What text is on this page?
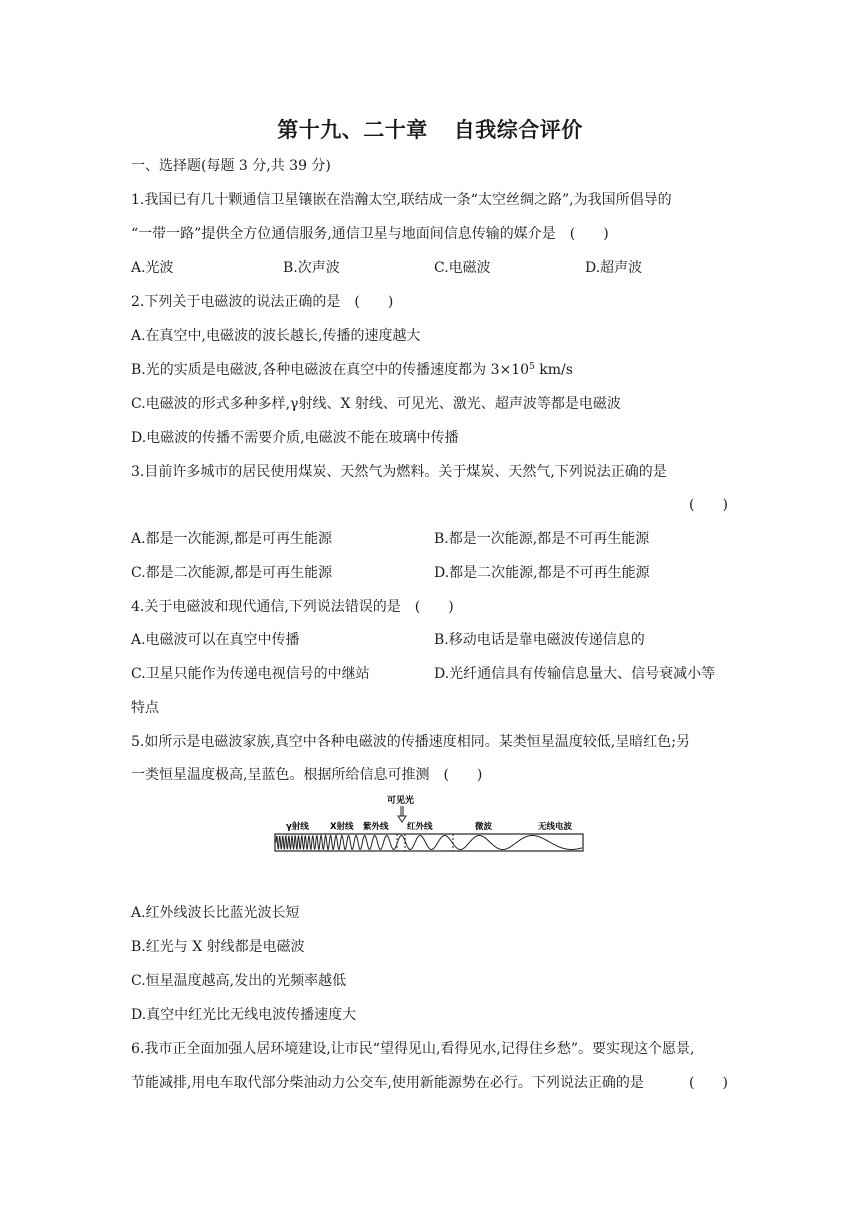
第十九、二十章 自我综合评价
一、选择题(每题 3 分,共 39 分)
1.我国已有几十颗通信卫星镶嵌在浩瀚太空,联结成一条“太空丝绸之路”,为我国所倡导的
“一带一路”提供全方位通信服务,通信卫星与地面间信息传输的媒介是　(　　)
A.光波	B.次声波	C.电磁波	D.超声波
2.下列关于电磁波的说法正确的是　(　　)
A.在真空中,电磁波的波长越长,传播的速度越大
B.光的实质是电磁波,各种电磁波在真空中的传播速度都为 $3\times 10^5$ km/s
C.电磁波的形式多种多样,γ射线、X 射线、可见光、激光、超声波等都是电磁波
D.电磁波的传播不需要介质,电磁波不能在玻璃中传播
3.目前许多城市的居民使用煤炭、天然气为燃料。关于煤炭、天然气,下列说法正确的是
(　　)
A.都是一次能源,都是可再生能源	B.都是一次能源,都是不可再生能源
C.都是二次能源,都是可再生能源	D.都是二次能源,都是不可再生能源
4.关于电磁波和现代通信,下列说法错误的是　(　　)
A.电磁波可以在真空中传播	B.移动电话是靠电磁波传递信息的
C.卫星只能作为传递电视信号的中继站	D.光纤通信具有传输信息量大、信号衰减小等
特点
5.如所示是电磁波家族,真空中各种电磁波的传播速度相同。某类恒星温度较低,呈暗红色;另
一类恒星温度极高,呈蓝色。根据所给信息可推测　(　　)
可见光
γ射线 X射线 紫外线 红外线	微波	无线电波
A.红外线波长比蓝光波长短
B.红光与 X 射线都是电磁波
C.恒星温度越高,发出的光频率越低
D.真空中红光比无线电波传播速度大
6.我市正全面加强人居环境建设,让市民“望得见山,看得见水,记得住乡愁”。要实现这个愿景,
节能减排,用电车取代部分柴油动力公交车,使用新能源势在必行。下列说法正确的是	(　　)
